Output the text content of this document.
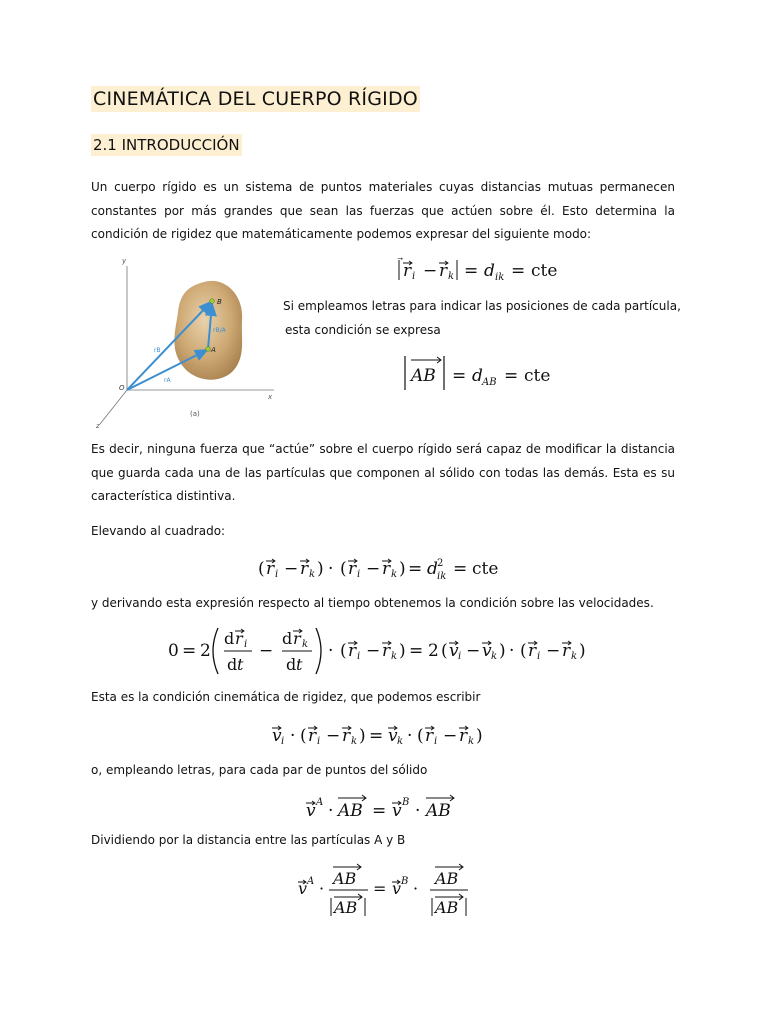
CINEMÁTICA DEL CUERPO RÍGIDO
2.1 INTRODUCCIÓN
Un cuerpo rígido es un sistema de puntos materiales cuyas distancias mutuas permanecen constantes por más grandes que sean las fuerzas que actúen sobre él. Esto determina la condición de rigidez que matemáticamente podemos expresar del siguiente modo:
y
x
z
O
B
A
rB
rA
rB/A
(a)
r i − r k = d ik = cte
Si empleamos letras para indicar las posiciones de cada partícula,
esta condición se expresa
AB = d AB = cte
Es decir, ninguna fuerza que “actúe” sobre el cuerpo rígido será capaz de modificar la distancia que guarda cada una de las partículas que componen al sólido con todas las demás. Esta es su característica distintiva.
Elevando al cuadrado:
( r i − r k ) · ( r i − r k ) = d 2
ik = cte
y derivando esta expresión respecto al tiempo obtenemos la condición sobre las velocidades.
0 = 2
d r i
d t
−
d r k
d t
· ( r i − r k ) = 2 ( v i − v k ) · ( r i − r k )
Esta es la condición cinemática de rigidez, que podemos escribir
v i · ( r i − r k ) = v k · ( r i − r k )
o, empleando letras, para cada par de puntos del sólido
v A · AB = v B · AB
Dividiendo por la distancia entre las partículas A y B
v A ·
AB
AB
= v B ·
AB
AB
